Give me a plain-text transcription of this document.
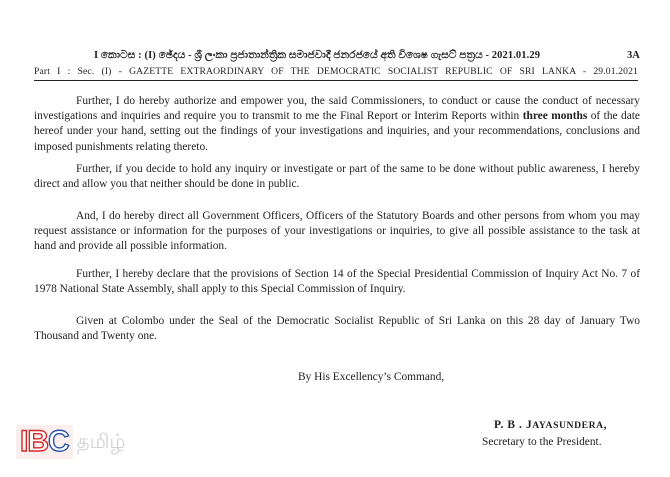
I කොටස : (I) ඡේදය - ශ්‍රී ලංකා ප්‍රජාතාන්ත්‍රික සමාජවාදී ජනරජයේ අති විශෙෂ ගැසට් පත්‍රය - 2021.01.29	3A
Part I : Sec. (I) - GAZETTE EXTRAORDINARY OF THE DEMOCRATIC SOCIALIST REPUBLIC OF SRI LANKA - 29.01.2021

Further, I do hereby authorize and empower you, the said Commissioners, to conduct or cause the conduct of necessary investigations and inquiries and require you to transmit to me the Final Report or Interim Reports within three months of the date hereof under your hand, setting out the findings of your investigations and inquiries, and your recommendations, conclusions and imposed punishments relating thereto.

Further, if you decide to hold any inquiry or investigate or part of the same to be done without public awareness, I hereby direct and allow you that neither should be done in public.

And, I do hereby direct all Government Officers, Officers of the Statutory Boards and other persons from whom you may request assistance or information for the purposes of your investigations or inquiries, to give all possible assistance to the task at hand and provide all possible information.

Further, I hereby declare that the provisions of Section 14 of the Special Presidential Commission of Inquiry Act No. 7 of 1978 National State Assembly, shall apply to this Special Commission of Inquiry.

Given at Colombo under the Seal of the Democratic Socialist Republic of Sri Lanka on this 28 day of January Two Thousand and Twenty one.

By His Excellency’s Command,
P. B . JAYASUNDERA,
Secretary to the President.
IBC தமிழ்
